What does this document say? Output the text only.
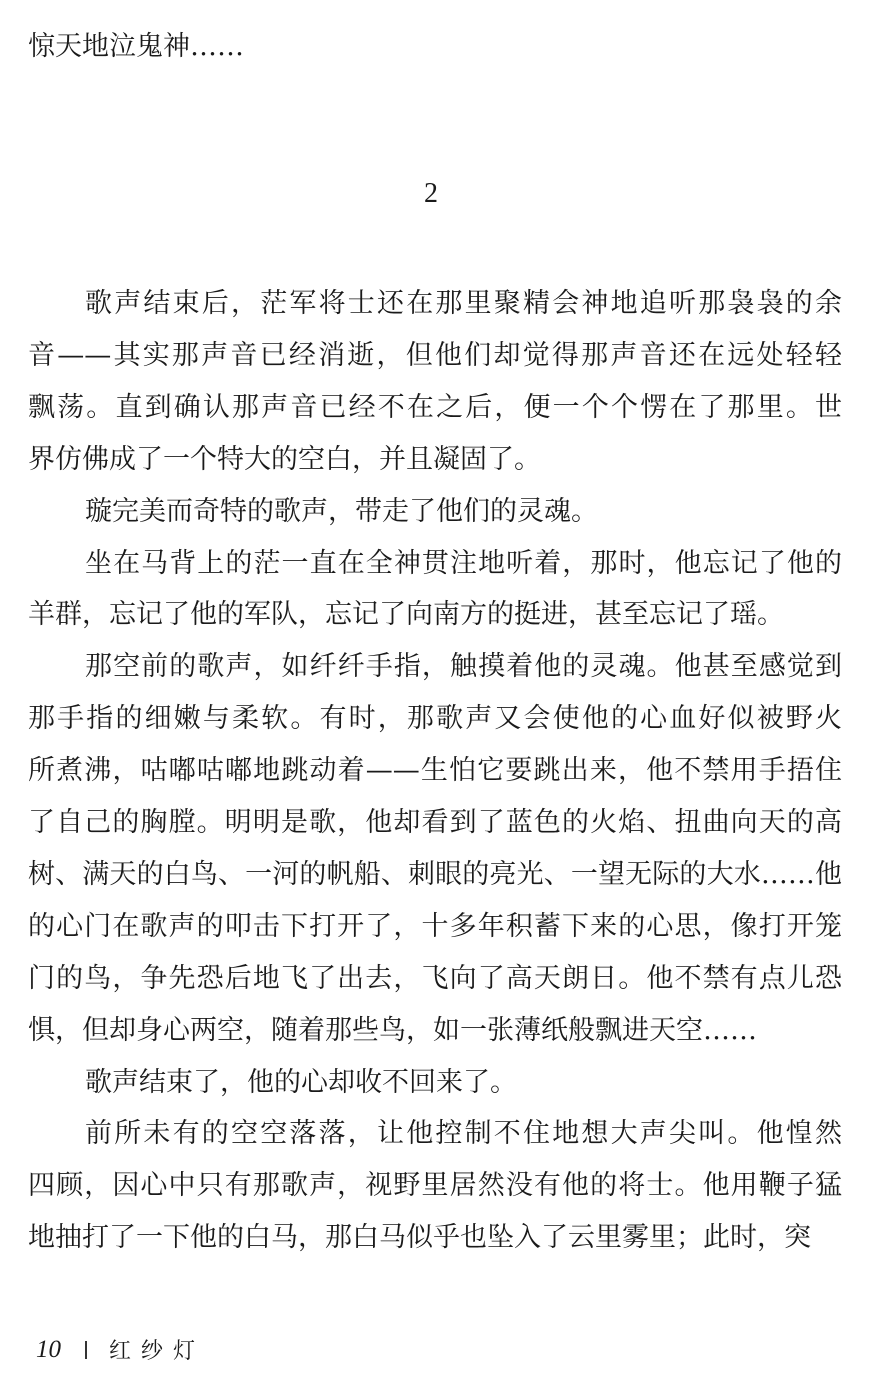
惊天地泣鬼神……
2
歌声结束后，茫军将士还在那里聚精会神地追听那袅袅的余
音——其实那声音已经消逝，但他们却觉得那声音还在远处轻轻
飘荡。直到确认那声音已经不在之后，便一个个愣在了那里。世
界仿佛成了一个特大的空白，并且凝固了。
璇完美而奇特的歌声，带走了他们的灵魂。
坐在马背上的茫一直在全神贯注地听着，那时，他忘记了他的
羊群，忘记了他的军队，忘记了向南方的挺进，甚至忘记了瑶。
那空前的歌声，如纤纤手指，触摸着他的灵魂。他甚至感觉到
那手指的细嫩与柔软。有时，那歌声又会使他的心血好似被野火
所煮沸，咕嘟咕嘟地跳动着——生怕它要跳出来，他不禁用手捂住
了自己的胸膛。明明是歌，他却看到了蓝色的火焰、扭曲向天的高
树、满天的白鸟、一河的帆船、刺眼的亮光、一望无际的大水……他
的心门在歌声的叩击下打开了，十多年积蓄下来的心思，像打开笼
门的鸟，争先恐后地飞了出去，飞向了高天朗日。他不禁有点儿恐
惧，但却身心两空，随着那些鸟，如一张薄纸般飘进天空……
歌声结束了，他的心却收不回来了。
前所未有的空空落落，让他控制不住地想大声尖叫。他惶然
四顾，因心中只有那歌声，视野里居然没有他的将士。他用鞭子猛
地抽打了一下他的白马，那白马似乎也坠入了云里雾里；此时，突
10 红纱灯
